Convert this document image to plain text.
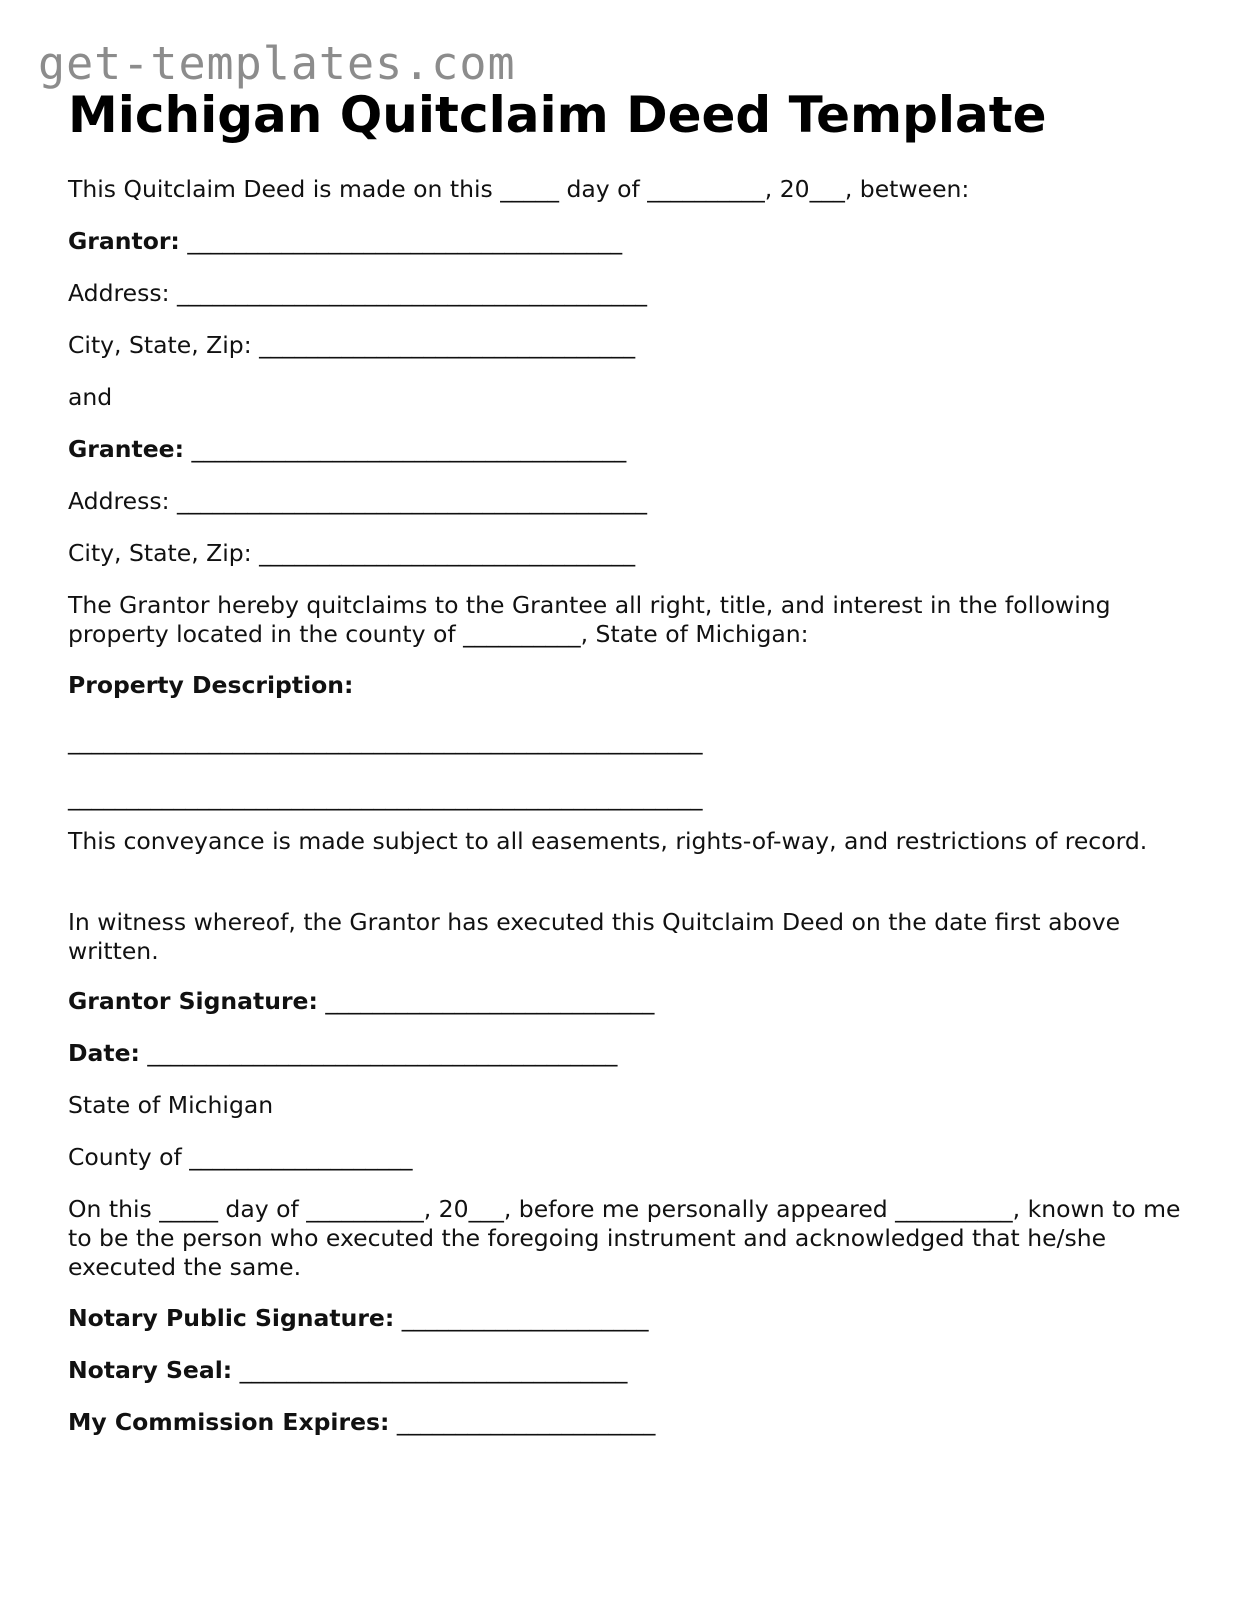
get-templates.com
Michigan Quitclaim Deed Template

This Quitclaim Deed is made on this _____ day of __________, 20___, between:

Grantor: _____________________________________

Address: ________________________________________

City, State, Zip: ________________________________

and

Grantee: _____________________________________

Address: ________________________________________

City, State, Zip: ________________________________

The Grantor hereby quitclaims to the Grantee all right, title, and interest in the following property located in the county of __________, State of Michigan:

Property Description:

______________________________________________________

______________________________________________________

This conveyance is made subject to all easements, rights-of-way, and restrictions of record.

In witness whereof, the Grantor has executed this Quitclaim Deed on the date first above written.

Grantor Signature: ____________________________

Date: ________________________________________

State of Michigan

County of ___________________

On this _____ day of __________, 20___, before me personally appeared __________, known to me to be the person who executed the foregoing instrument and acknowledged that he/she executed the same.

Notary Public Signature: _____________________

Notary Seal: _________________________________

My Commission Expires: ______________________
